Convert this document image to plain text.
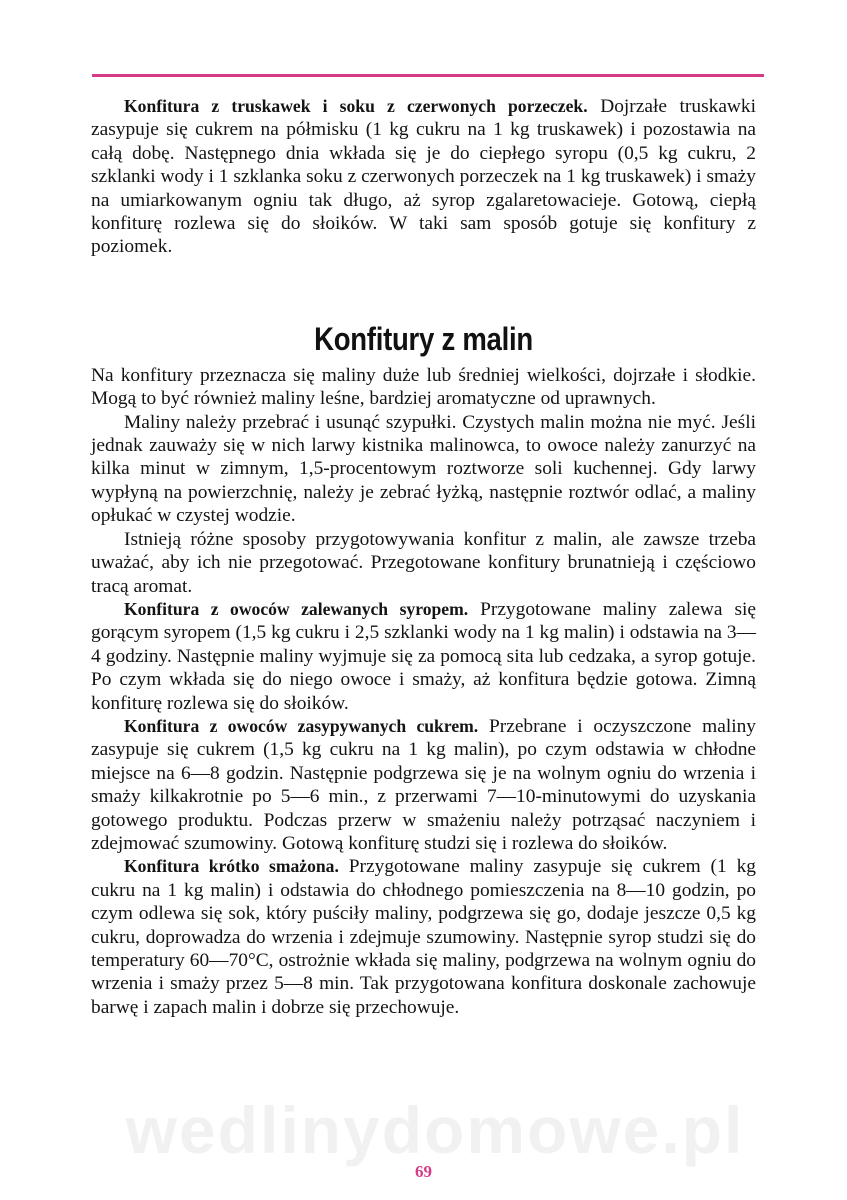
Konfitura z truskawek i soku z czerwonych porzeczek. Dojrzałe truskawki zasypuje się cukrem na półmisku (1 kg cukru na 1 kg truskawek) i pozostawia na całą dobę. Następnego dnia wkłada się je do ciepłego syropu (0,5 kg cukru, 2 szklanki wody i 1 szklanka soku z czerwonych porzeczek na 1 kg truskawek) i smaży na umiarkowanym ogniu tak długo, aż syrop zgalaretowacieje. Gotową, ciepłą konfiturę rozlewa się do słoików. W taki sam sposób gotuje się konfitury z poziomek.

Konfitury z malin

Na konfitury przeznacza się maliny duże lub średniej wielkości, dojrzałe i słodkie. Mogą to być również maliny leśne, bardziej aromatyczne od uprawnych.

Maliny należy przebrać i usunąć szypułki. Czystych malin można nie myć. Jeśli jednak zauważy się w nich larwy kistnika malinowca, to owoce należy zanurzyć na kilka minut w zimnym, 1,5-procentowym roztworze soli kuchennej. Gdy larwy wypłyną na powierzchnię, należy je zebrać łyżką, następnie roztwór odlać, a maliny opłukać w czystej wodzie.

Istnieją różne sposoby przygotowywania konfitur z malin, ale zawsze trzeba uważać, aby ich nie przegotować. Przegotowane konfitury brunatnieją i częściowo tracą aromat.

Konfitura z owoców zalewanych syropem. Przygotowane maliny zalewa się gorącym syropem (1,5 kg cukru i 2,5 szklanki wody na 1 kg malin) i odstawia na 3—4 godziny. Następnie maliny wyjmuje się za pomocą sita lub cedzaka, a syrop gotuje. Po czym wkłada się do niego owoce i smaży, aż konfitura będzie gotowa. Zimną konfiturę rozlewa się do słoików.

Konfitura z owoców zasypywanych cukrem. Przebrane i oczyszczone maliny zasypuje się cukrem (1,5 kg cukru na 1 kg malin), po czym odstawia w chłodne miejsce na 6—8 godzin. Następnie podgrzewa się je na wolnym ogniu do wrzenia i smaży kilkakrotnie po 5—6 min., z przerwami 7—10-minutowymi do uzyskania gotowego produktu. Podczas przerw w smażeniu należy potrząsać naczyniem i zdejmować szumowiny. Gotową konfiturę studzi się i rozlewa do słoików.

Konfitura krótko smażona. Przygotowane maliny zasypuje się cukrem (1 kg cukru na 1 kg malin) i odstawia do chłodnego pomieszczenia na 8—10 godzin, po czym odlewa się sok, który puściły maliny, podgrzewa się go, dodaje jeszcze 0,5 kg cukru, doprowadza do wrzenia i zdejmuje szumowiny. Następnie syrop studzi się do temperatury 60—70°C, ostrożnie wkłada się maliny, podgrzewa na wolnym ogniu do wrzenia i smaży przez 5—8 min. Tak przygotowana konfitura doskonale zachowuje barwę i zapach malin i dobrze się przechowuje.

wedlinydomowe.pl
69
